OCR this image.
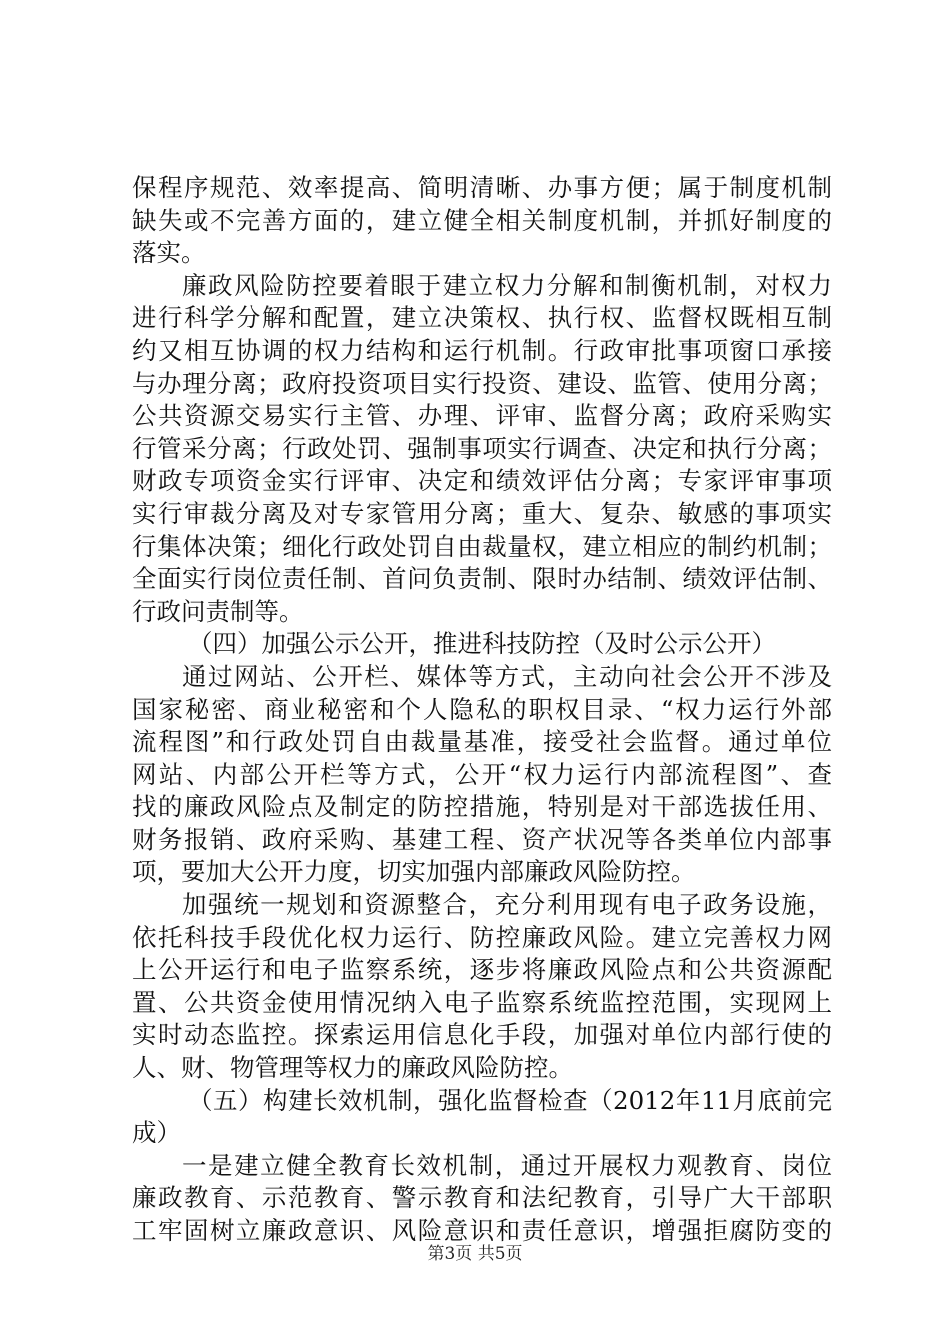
保程序规范、效率提高、简明清晰、办事方便；属于制度机制
缺失或不完善方面的，建立健全相关制度机制，并抓好制度的
落实。
廉政风险防控要着眼于建立权力分解和制衡机制，对权力
进行科学分解和配置，建立决策权、执行权、监督权既相互制
约又相互协调的权力结构和运行机制。行政审批事项窗口承接
与办理分离；政府投资项目实行投资、建设、监管、使用分离；
公共资源交易实行主管、办理、评审、监督分离；政府采购实
行管采分离；行政处罚、强制事项实行调查、决定和执行分离；
财政专项资金实行评审、决定和绩效评估分离；专家评审事项
实行审裁分离及对专家管用分离；重大、复杂、敏感的事项实
行集体决策；细化行政处罚自由裁量权，建立相应的制约机制；
全面实行岗位责任制、首问负责制、限时办结制、绩效评估制、
行政问责制等。
（四）加强公示公开，推进科技防控（及时公示公开）
通过网站、公开栏、媒体等方式，主动向社会公开不涉及
国家秘密、商业秘密和个人隐私的职权目录、“权力运行外部
流程图”和行政处罚自由裁量基准，接受社会监督。通过单位
网站、内部公开栏等方式，公开“权力运行内部流程图”、查
找的廉政风险点及制定的防控措施，特别是对干部选拔任用、
财务报销、政府采购、基建工程、资产状况等各类单位内部事
项，要加大公开力度，切实加强内部廉政风险防控。
加强统一规划和资源整合，充分利用现有电子政务设施，
依托科技手段优化权力运行、防控廉政风险。建立完善权力网
上公开运行和电子监察系统，逐步将廉政风险点和公共资源配
置、公共资金使用情况纳入电子监察系统监控范围，实现网上
实时动态监控。探索运用信息化手段，加强对单位内部行使的
人、财、物管理等权力的廉政风险防控。
（五）构建长效机制，强化监督检查（2012年11月底前完
成）
一是建立健全教育长效机制，通过开展权力观教育、岗位
廉政教育、示范教育、警示教育和法纪教育，引导广大干部职
工牢固树立廉政意识、风险意识和责任意识，增强拒腐防变的
第3页 共5页
